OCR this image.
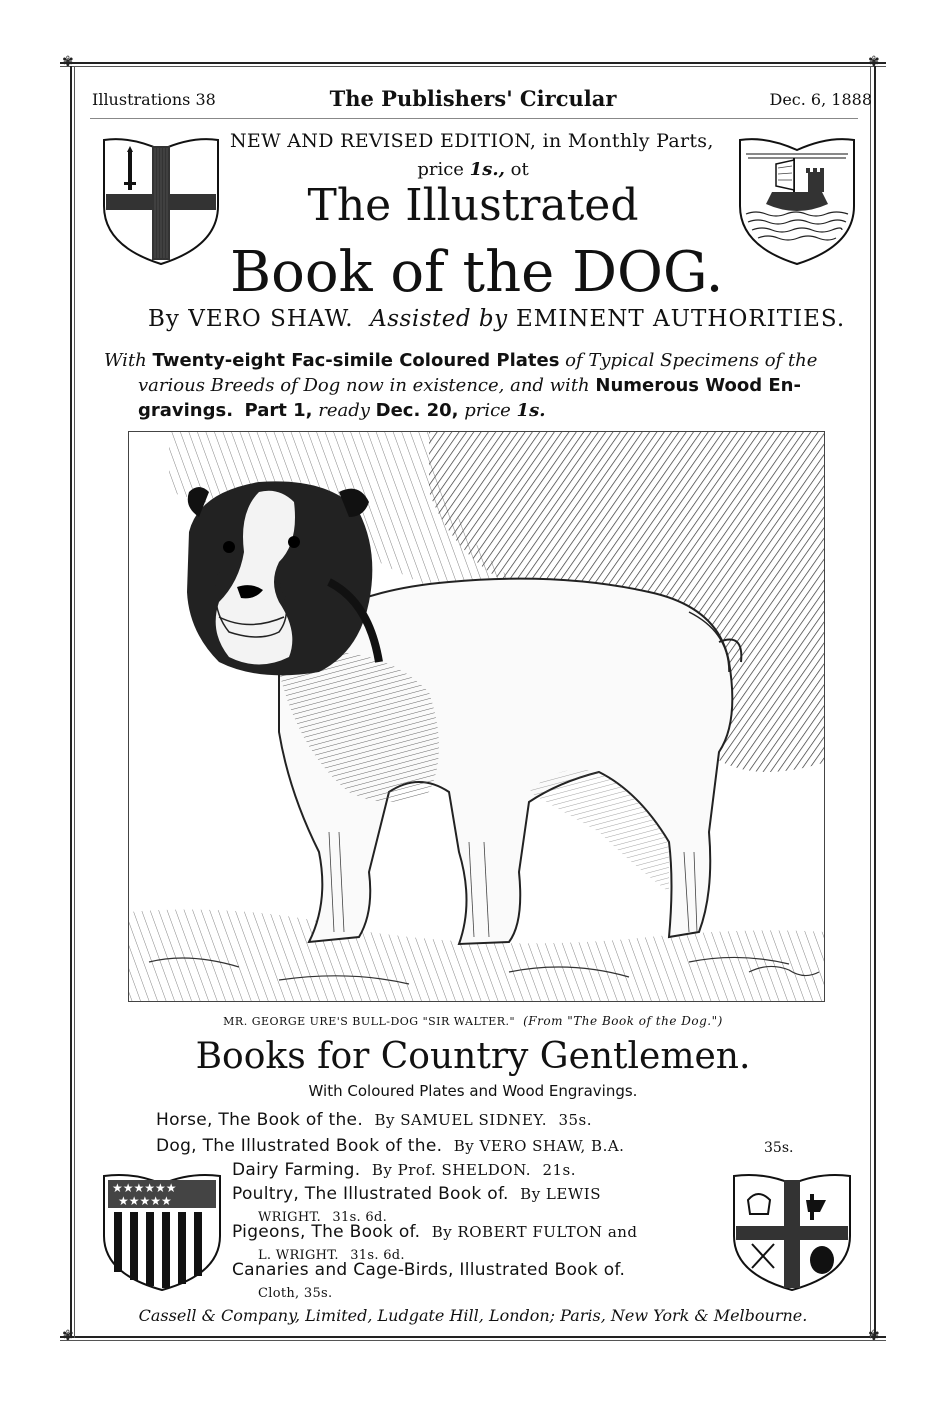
✾	✾
✾	✾
Illustrations 38	The Publishers' Circular	Dec. 6, 1888
NEW AND REVISED EDITION, in Monthly Parts,
price 1s., ot
The Illustrated
Book of the DOG.
By VERO SHAW. Assisted by EMINENT AUTHORITIES.
With Twenty-eight Fac-simile Coloured Plates of Typical Specimens of the
various Breeds of Dog now in existence, and with Numerous Wood En-
gravings. Part 1, ready Dec. 20, price 1s.
MR. GEORGE URE'S BULL-DOG "SIR WALTER." (From "The Book of the Dog.")
Books for Country Gentlemen.
With Coloured Plates and Wood Engravings.
Horse, The Book of the. By SAMUEL SIDNEY. 35s.
Dog, The Illustrated Book of the. By VERO SHAW, B.A.	35s.
Dairy Farming. By Prof. SHELDON. 21s.
Poultry, The Illustrated Book of. By LEWIS
WRIGHT. 31s. 6d.
Pigeons, The Book of. By ROBERT FULTON and
L. WRIGHT. 31s. 6d.
Canaries and Cage-Birds, Illustrated Book of.
Cloth, 35s.
★★★★★★
★★★★★
Cassell & Company, Limited, Ludgate Hill, London; Paris, New York & Melbourne.
